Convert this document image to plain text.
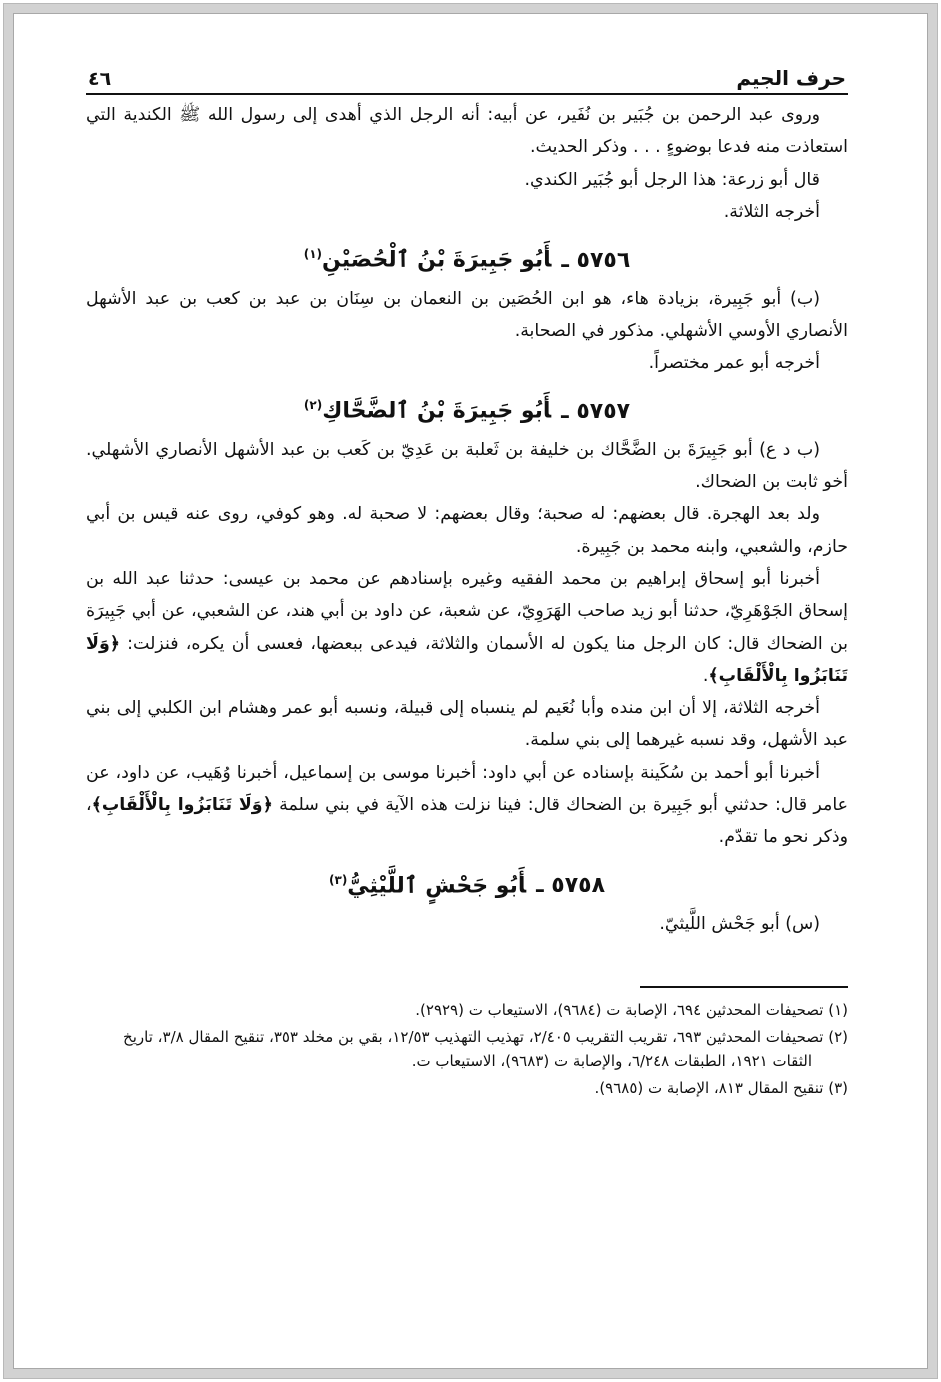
حرف الجيم
٤٦

وروى عبد الرحمن بن جُبَير بن نُفَير، عن أبيه: أنه الرجل الذي أهدى إلى رسول الله ﷺ الكندية التي استعاذت منه فدعا بوضوءٍ . . . وذكر الحديث.

قال أبو زرعة: هذا الرجل أبو جُبَير الكندي.

أخرجه الثلاثة.

٥٧٥٦ ـأَبُو جَبِيرَةَ بْنُ ٱلْحُصَيْنِ$^{(١)}$

(ب) أبو جَبِيرة، بزيادة هاء، هو ابن الحُصَين بن النعمان بن سِنَان بن عبد بن كعب بن عبد الأشهل الأنصاري الأوسي الأشهلي. مذكور في الصحابة.

أخرجه أبو عمر مختصراً.

٥٧٥٧ ـأَبُو جَبِيرَةَ بْنُ ٱلضَّحَّاكِ$^{(٢)}$

(ب د ع) أبو جَبِيرَةَ بن الضَّحَّاك بن خليفة بن ثَعلبة بن عَدِيّ بن كَعب بن عبد الأشهل الأنصاري الأشهلي. أخو ثابت بن الضحاك.

ولد بعد الهجرة. قال بعضهم: له صحبة؛ وقال بعضهم: لا صحبة له. وهو كوفي، روى عنه قيس بن أبي حازم، والشعبي، وابنه محمد بن جَبِيرة.

أخبرنا أبو إسحاق إبراهيم بن محمد الفقيه وغيره بإسنادهم عن محمد بن عيسى: حدثنا عبد الله بن إسحاق الجَوْهَرِيّ، حدثنا أبو زيد صاحب الهَرَوِيّ، عن شعبة، عن داود بن أبي هند، عن الشعبي، عن أبي جَبِيرَة بن الضحاك قال: كان الرجل منا يكون له الأسمان والثلاثة، فيدعى ببعضها، فعسى أن يكره، فنزلت: ﴿وَلَا تَنَابَزُوا بِالْأَلْقَابِ﴾.

أخرجه الثلاثة، إلا أن ابن منده وأبا نُعَيم لم ينسباه إلى قبيلة، ونسبه أبو عمر وهشام ابن الكلبي إلى بني عبد الأشهل، وقد نسبه غيرهما إلى بني سلمة.

أخبرنا أبو أحمد بن سُكَينة بإسناده عن أبي داود: أخبرنا موسى بن إسماعيل، أخبرنا وُهَيب، عن داود، عن عامر قال: حدثني أبو جَبِيرة بن الضحاك قال: فينا نزلت هذه الآية في بني سلمة ﴿وَلَا تَنَابَزُوا بِالْأَلْقَابِ﴾، وذكر نحو ما تقدّم.

٥٧٥٨ ـأَبُو جَحْشٍ ٱللَّيْثِيُّ$^{(٣)}$

(س) أبو جَحْش اللَّيثيّ.

(١) تصحيفات المحدثين ٦٩٤، الإصابة ت (٩٦٨٤)، الاستيعاب ت (٢٩٢٩).

(٢) تصحيفات المحدثين ٦٩٣، تقريب التقريب ٢/٤٠٥، تهذيب التهذيب ١٢/٥٣، بقي بن مخلد ٣٥٣، تنقيح المقال ٣/٨، تاريخ الثقات ١٩٢١، الطبقات ٦/٢٤٨، والإصابة ت (٩٦٨٣)، الاستيعاب ت.

(٣) تنقيح المقال ٨١٣، الإصابة ت (٩٦٨٥).
